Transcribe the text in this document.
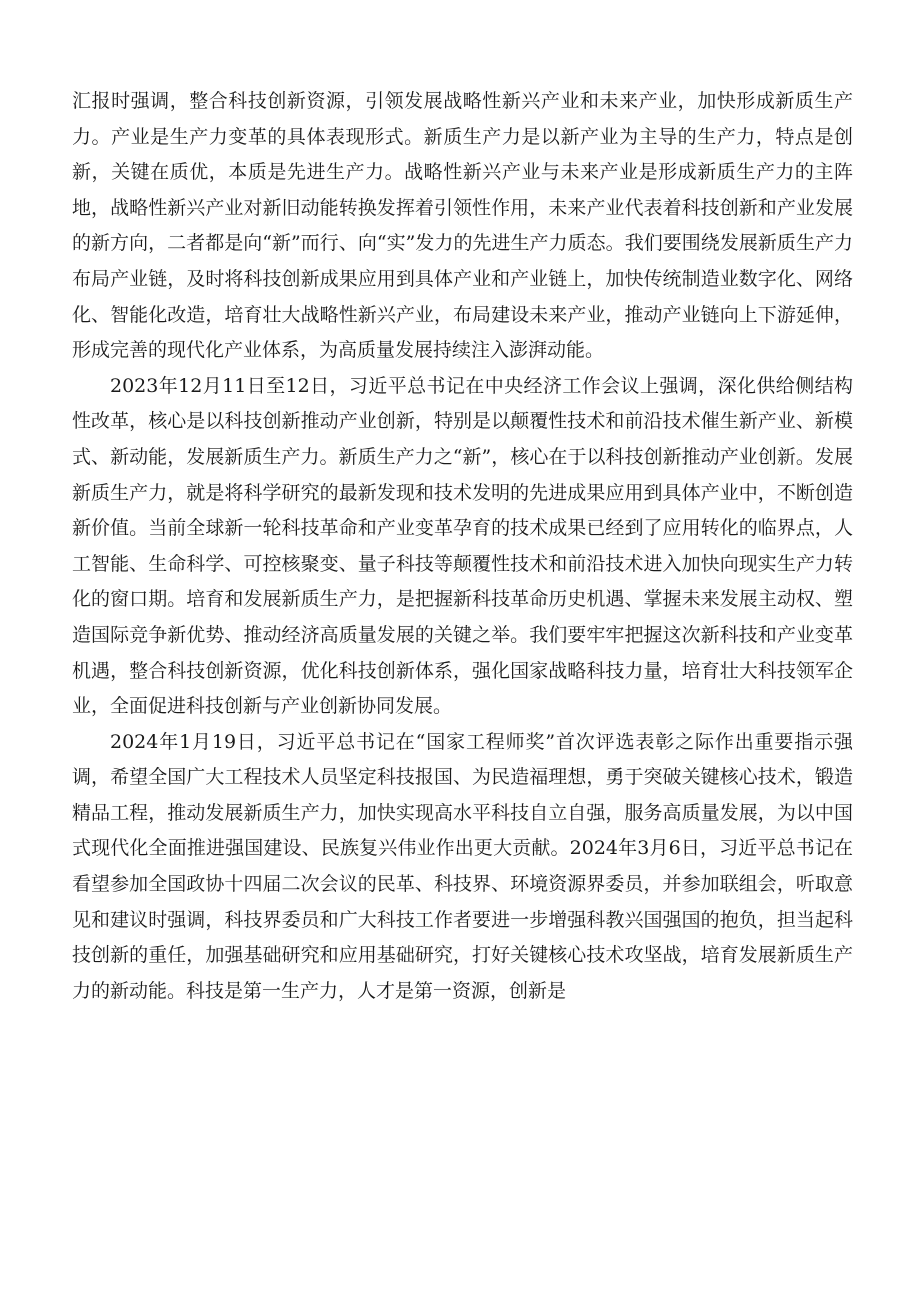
汇报时强调，整合科技创新资源，引领发展战略性新兴产业和未来产业，加快形成新质生产力。产业是生产力变革的具体表现形式。新质生产力是以新产业为主导的生产力，特点是创新，关键在质优，本质是先进生产力。战略性新兴产业与未来产业是形成新质生产力的主阵地，战略性新兴产业对新旧动能转换发挥着引领性作用，未来产业代表着科技创新和产业发展的新方向，二者都是向“新”而行、向“实”发力的先进生产力质态。我们要围绕发展新质生产力布局产业链，及时将科技创新成果应用到具体产业和产业链上，加快传统制造业数字化、网络化、智能化改造，培育壮大战略性新兴产业，布局建设未来产业，推动产业链向上下游延伸，形成完善的现代化产业体系，为高质量发展持续注入澎湃动能。

2023年12月11日至12日，习近平总书记在中央经济工作会议上强调，深化供给侧结构性改革，核心是以科技创新推动产业创新，特别是以颠覆性技术和前沿技术催生新产业、新模式、新动能，发展新质生产力。新质生产力之“新”，核心在于以科技创新推动产业创新。发展新质生产力，就是将科学研究的最新发现和技术发明的先进成果应用到具体产业中，不断创造新价值。当前全球新一轮科技革命和产业变革孕育的技术成果已经到了应用转化的临界点，人工智能、生命科学、可控核聚变、量子科技等颠覆性技术和前沿技术进入加快向现实生产力转化的窗口期。培育和发展新质生产力，是把握新科技革命历史机遇、掌握未来发展主动权、塑造国际竞争新优势、推动经济高质量发展的关键之举。我们要牢牢把握这次新科技和产业变革机遇，整合科技创新资源，优化科技创新体系，强化国家战略科技力量，培育壮大科技领军企业，全面促进科技创新与产业创新协同发展。

2024年1月19日，习近平总书记在“国家工程师奖”首次评选表彰之际作出重要指示强调，希望全国广大工程技术人员坚定科技报国、为民造福理想，勇于突破关键核心技术，锻造精品工程，推动发展新质生产力，加快实现高水平科技自立自强，服务高质量发展，为以中国式现代化全面推进强国建设、民族复兴伟业作出更大贡献。2024年3月6日，习近平总书记在看望参加全国政协十四届二次会议的民革、科技界、环境资源界委员，并参加联组会，听取意见和建议时强调，科技界委员和广大科技工作者要进一步增强科教兴国强国的抱负，担当起科技创新的重任，加强基础研究和应用基础研究，打好关键核心技术攻坚战，培育发展新质生产力的新动能。科技是第一生产力，人才是第一资源，创新是
